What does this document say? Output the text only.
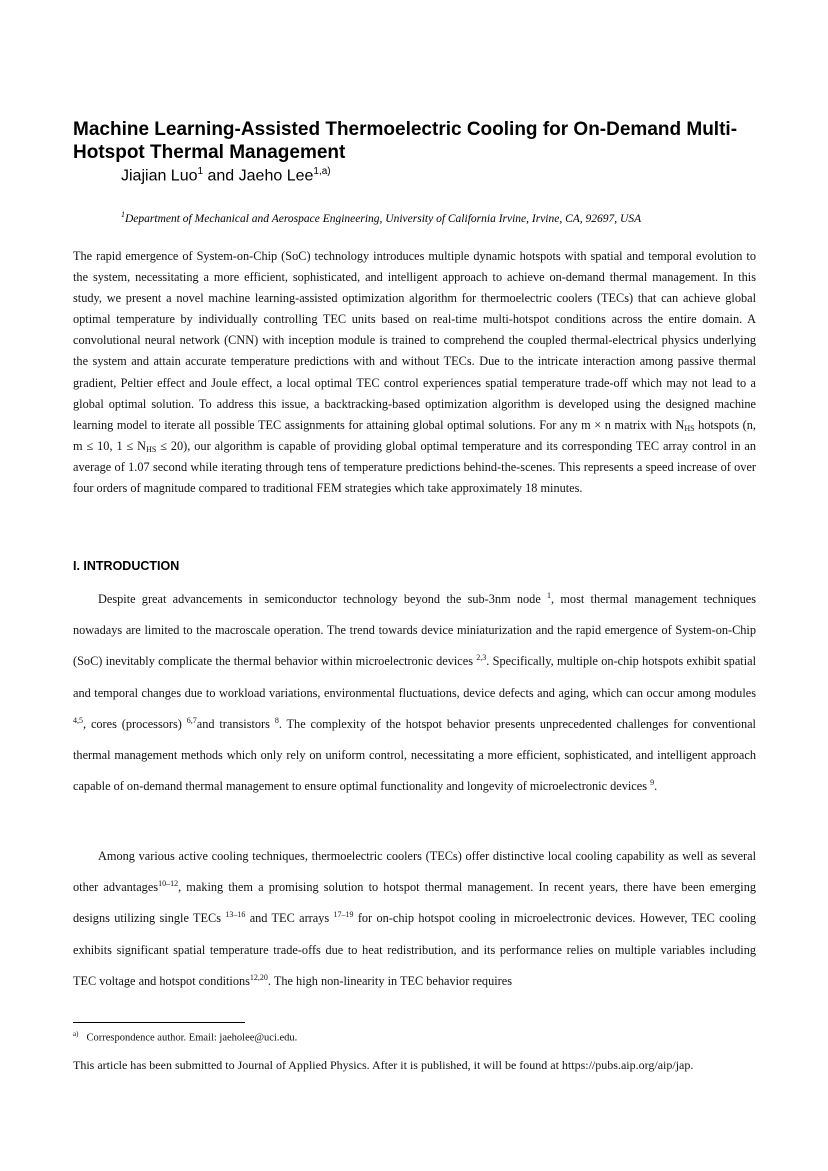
Machine Learning-Assisted Thermoelectric Cooling for On-Demand Multi-Hotspot Thermal Management

Jiajian Luo$^1$ and Jaeho Lee$^{1,a)}$

$^1$Department of Mechanical and Aerospace Engineering, University of California Irvine, Irvine, CA, 92697, USA

The rapid emergence of System-on-Chip (SoC) technology introduces multiple dynamic hotspots with spatial and temporal evolution to the system, necessitating a more efficient, sophisticated, and intelligent approach to achieve on-demand thermal management. In this study, we present a novel machine learning-assisted optimization algorithm for thermoelectric coolers (TECs) that can achieve global optimal temperature by individually controlling TEC units based on real-time multi-hotspot conditions across the entire domain. A convolutional neural network (CNN) with inception module is trained to comprehend the coupled thermal-electrical physics underlying the system and attain accurate temperature predictions with and without TECs. Due to the intricate interaction among passive thermal gradient, Peltier effect and Joule effect, a local optimal TEC control experiences spatial temperature trade-off which may not lead to a global optimal solution. To address this issue, a backtracking-based optimization algorithm is developed using the designed machine learning model to iterate all possible TEC assignments for attaining global optimal solutions. For any m × n matrix with $N_{HS}$ hotspots (n, m ≤ 10, $1 \le N_{HS} \le 20$), our algorithm is capable of providing global optimal temperature and its corresponding TEC array control in an average of 1.07 second while iterating through tens of temperature predictions behind-the-scenes. This represents a speed increase of over four orders of magnitude compared to traditional FEM strategies which take approximately 18 minutes.

I. INTRODUCTION

Despite great advancements in semiconductor technology beyond the sub-3nm node $^1$, most thermal management techniques nowadays are limited to the macroscale operation. The trend towards device miniaturization and the rapid emergence of System-on-Chip (SoC) inevitably complicate the thermal behavior within microelectronic devices $^{2,3}$. Specifically, multiple on-chip hotspots exhibit spatial and temporal changes due to workload variations, environmental fluctuations, device defects and aging, which can occur among modules $^{4,5}$, cores (processors) $^{6,7}$and transistors $^8$. The complexity of the hotspot behavior presents unprecedented challenges for conventional thermal management methods which only rely on uniform control, necessitating a more efficient, sophisticated, and intelligent approach capable of on-demand thermal management to ensure optimal functionality and longevity of microelectronic devices $^9$.

Among various active cooling techniques, thermoelectric coolers (TECs) offer distinctive local cooling capability as well as several other advantages$^{10-12}$, making them a promising solution to hotspot thermal management. In recent years, there have been emerging designs utilizing single TECs $^{13-16}$ and TEC arrays $^{17-19}$ for on-chip hotspot cooling in microelectronic devices. However, TEC cooling exhibits significant spatial temperature trade-offs due to heat redistribution, and its performance relies on multiple variables including TEC voltage and hotspot conditions$^{12,20}$. The high non-linearity in TEC behavior requires

$^{a)}$ Correspondence author. Email: jaeholee@uci.edu.

This article has been submitted to Journal of Applied Physics. After it is published, it will be found at https://pubs.aip.org/aip/jap.
